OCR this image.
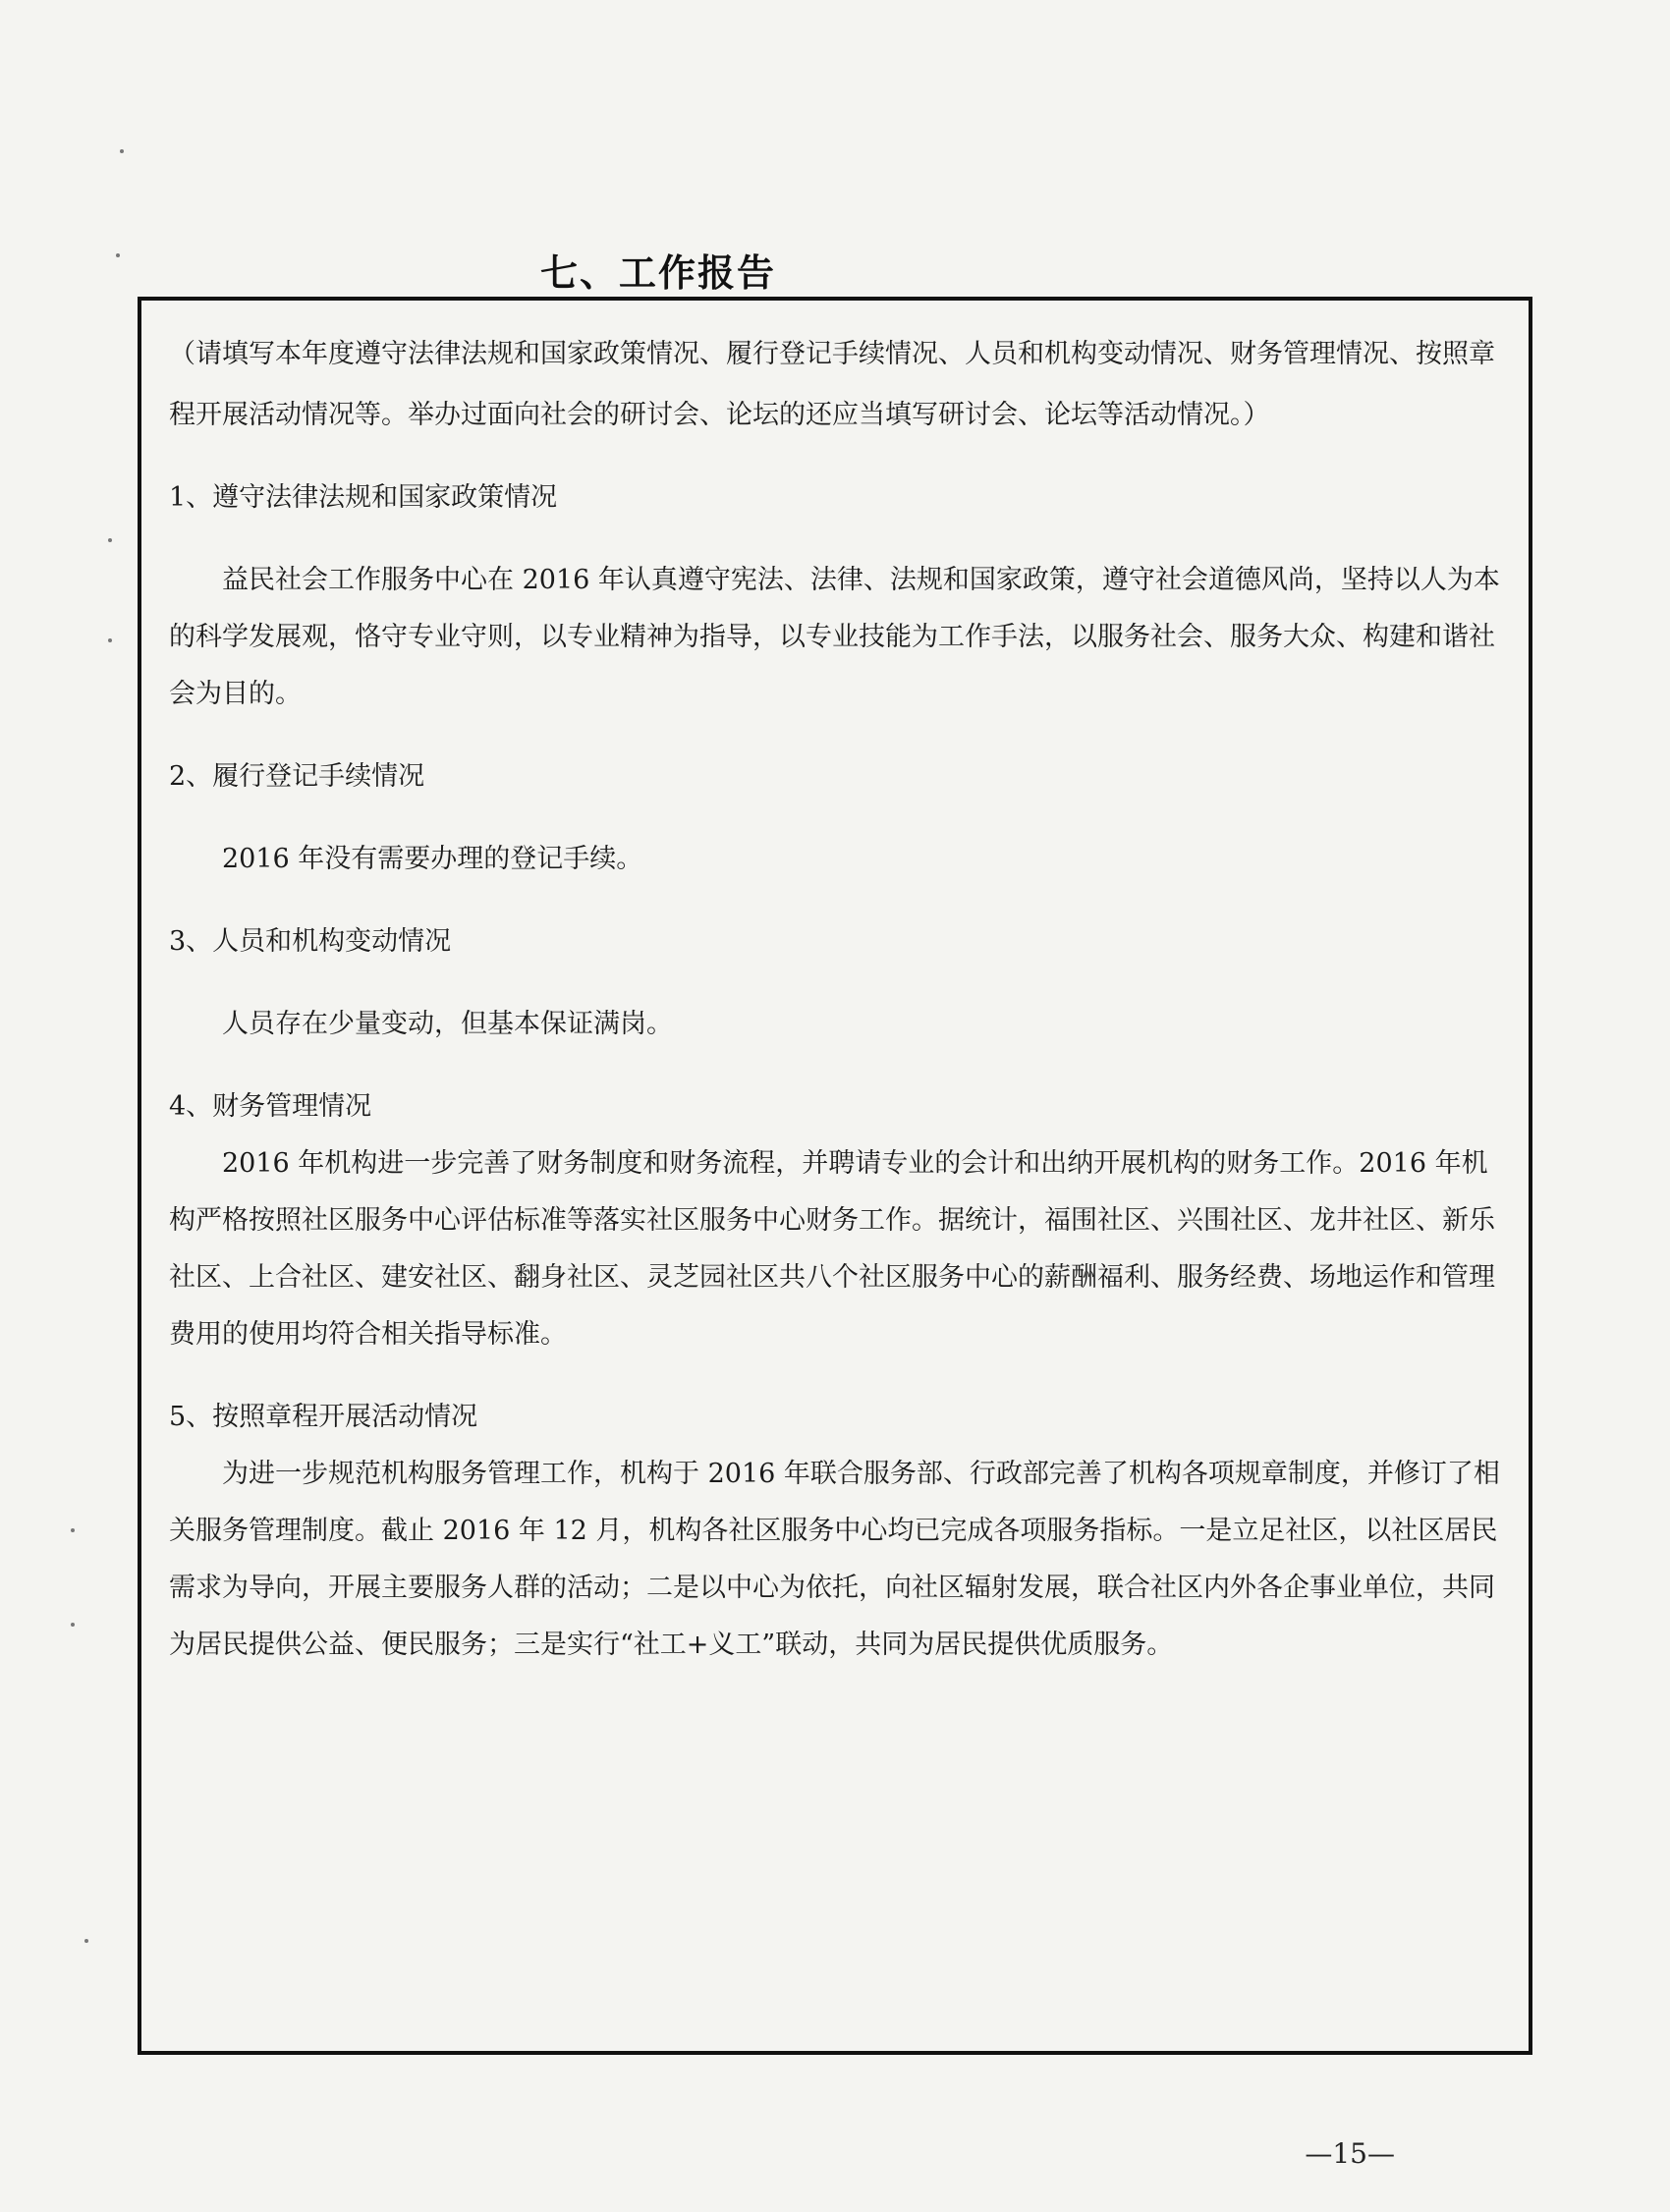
七、工作报告

（请填写本年度遵守法律法规和国家政策情况、履行登记手续情况、人员和机构变动情况、财务管理情况、按照章程开展活动情况等。举办过面向社会的研讨会、论坛的还应当填写研讨会、论坛等活动情况。）

1、遵守法律法规和国家政策情况

益民社会工作服务中心在 2016 年认真遵守宪法、法律、法规和国家政策，遵守社会道德风尚，坚持以人为本的科学发展观，恪守专业守则，以专业精神为指导，以专业技能为工作手法，以服务社会、服务大众、构建和谐社会为目的。

2、履行登记手续情况

2016 年没有需要办理的登记手续。

3、人员和机构变动情况

人员存在少量变动，但基本保证满岗。

4、财务管理情况

2016 年机构进一步完善了财务制度和财务流程，并聘请专业的会计和出纳开展机构的财务工作。2016 年机构严格按照社区服务中心评估标准等落实社区服务中心财务工作。据统计，福围社区、兴围社区、龙井社区、新乐社区、上合社区、建安社区、翻身社区、灵芝园社区共八个社区服务中心的薪酬福利、服务经费、场地运作和管理费用的使用均符合相关指导标准。

5、按照章程开展活动情况

为进一步规范机构服务管理工作，机构于 2016 年联合服务部、行政部完善了机构各项规章制度，并修订了相关服务管理制度。截止 2016 年 12 月，机构各社区服务中心均已完成各项服务指标。一是立足社区，以社区居民需求为导向，开展主要服务人群的活动；二是以中心为依托，向社区辐射发展，联合社区内外各企事业单位，共同为居民提供公益、便民服务；三是实行“社工+义工”联动，共同为居民提供优质服务。

—15—
